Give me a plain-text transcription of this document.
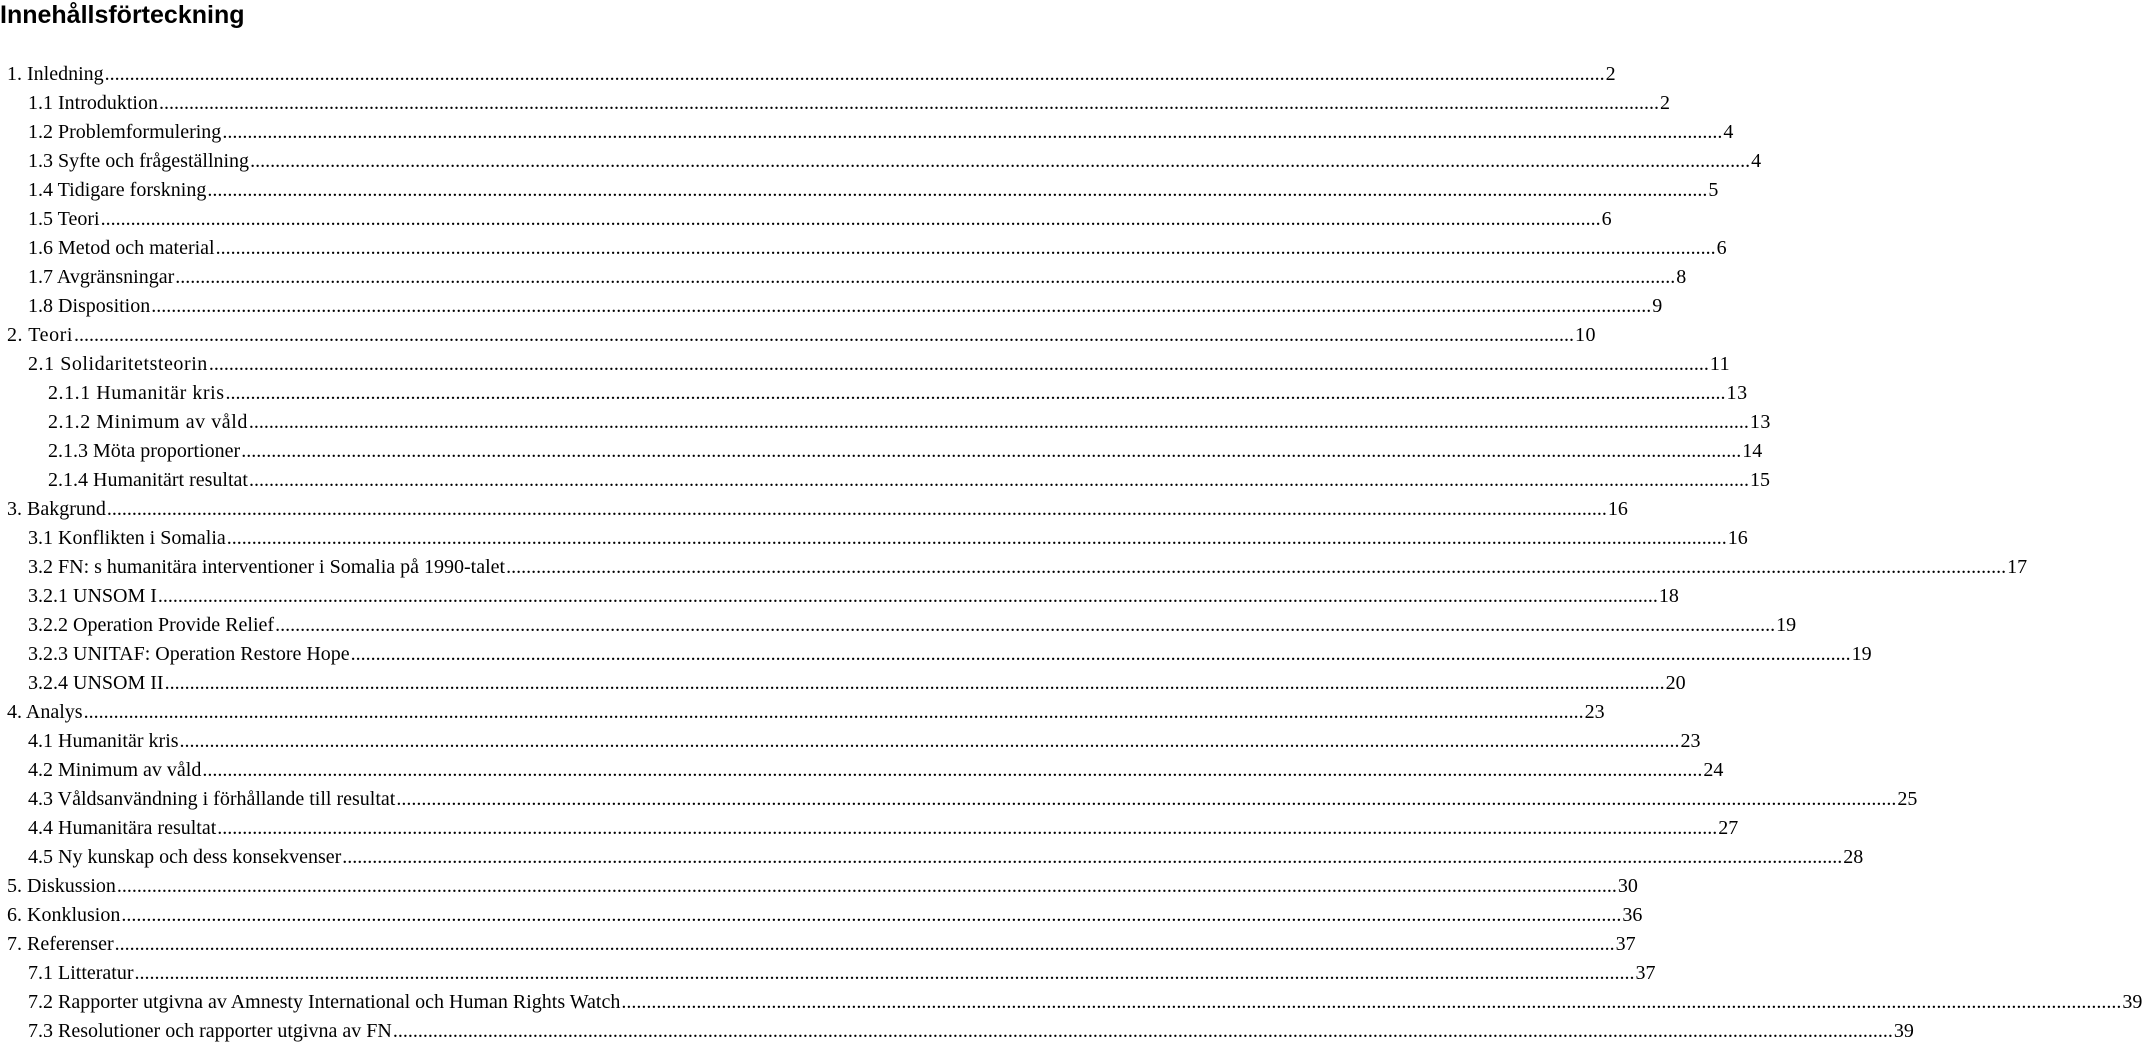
Innehållsförteckning
1. Inledning ............................................................................................................................................................................................................................................................................................................ 2
1.1 Introduktion ............................................................................................................................................................................................................................................................................................................ 2
1.2 Problemformulering ............................................................................................................................................................................................................................................................................................................ 4
1.3 Syfte och frågeställning ............................................................................................................................................................................................................................................................................................................ 4
1.4 Tidigare forskning ............................................................................................................................................................................................................................................................................................................ 5
1.5 Teori ............................................................................................................................................................................................................................................................................................................ 6
1.6 Metod och material ............................................................................................................................................................................................................................................................................................................ 6
1.7 Avgränsningar ............................................................................................................................................................................................................................................................................................................ 8
1.8 Disposition ............................................................................................................................................................................................................................................................................................................ 9
2. Teori ............................................................................................................................................................................................................................................................................................................ 10
2.1 Solidaritetsteorin ............................................................................................................................................................................................................................................................................................................ 11
2.1.1 Humanitär kris ............................................................................................................................................................................................................................................................................................................ 13
2.1.2 Minimum av våld ............................................................................................................................................................................................................................................................................................................ 13
2.1.3 Möta proportioner ............................................................................................................................................................................................................................................................................................................ 14
2.1.4 Humanitärt resultat ............................................................................................................................................................................................................................................................................................................ 15
3. Bakgrund ............................................................................................................................................................................................................................................................................................................ 16
3.1 Konflikten i Somalia ............................................................................................................................................................................................................................................................................................................ 16
3.2 FN: s humanitära interventioner i Somalia på 1990-talet ............................................................................................................................................................................................................................................................................................................ 17
3.2.1 UNSOM I ............................................................................................................................................................................................................................................................................................................ 18
3.2.2 Operation Provide Relief ............................................................................................................................................................................................................................................................................................................ 19
3.2.3 UNITAF: Operation Restore Hope ............................................................................................................................................................................................................................................................................................................ 19
3.2.4 UNSOM II ............................................................................................................................................................................................................................................................................................................ 20
4. Analys ............................................................................................................................................................................................................................................................................................................ 23
4.1 Humanitär kris ............................................................................................................................................................................................................................................................................................................ 23
4.2 Minimum av våld ............................................................................................................................................................................................................................................................................................................ 24
4.3 Våldsanvändning i förhållande till resultat ............................................................................................................................................................................................................................................................................................................ 25
4.4 Humanitära resultat ............................................................................................................................................................................................................................................................................................................ 27
4.5 Ny kunskap och dess konsekvenser ............................................................................................................................................................................................................................................................................................................ 28
5. Diskussion ............................................................................................................................................................................................................................................................................................................ 30
6. Konklusion ............................................................................................................................................................................................................................................................................................................ 36
7. Referenser ............................................................................................................................................................................................................................................................................................................ 37
7.1 Litteratur ............................................................................................................................................................................................................................................................................................................ 37
7.2 Rapporter utgivna av Amnesty International och Human Rights Watch ............................................................................................................................................................................................................................................................................................................ 39
7.3 Resolutioner och rapporter utgivna av FN ............................................................................................................................................................................................................................................................................................................ 39
